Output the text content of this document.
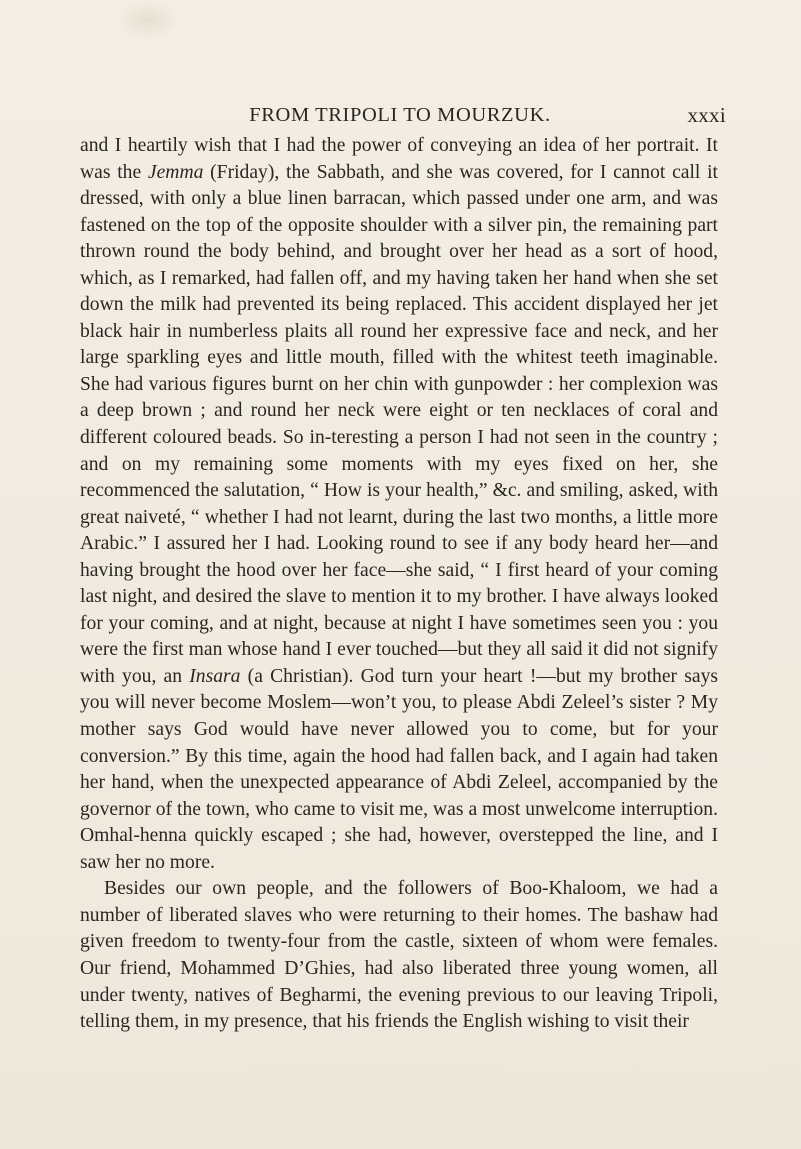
FROM TRIPOLI TO MOURZUK.	xxxi

and I heartily wish that I had the power of conveying an idea of her portrait. It was the Jemma (Friday), the Sabbath, and she was covered, for I cannot call it dressed, with only a blue linen barracan, which passed under one arm, and was fastened on the top of the opposite shoulder with a silver pin, the remaining part thrown round the body behind, and brought over her head as a sort of hood, which, as I remarked, had fallen off, and my having taken her hand when she set down the milk had prevented its being replaced. This accident displayed her jet black hair in numberless plaits all round her expressive face and neck, and her large sparkling eyes and little mouth, filled with the whitest teeth imaginable. She had various figures burnt on her chin with gunpowder : her complexion was a deep brown ; and round her neck were eight or ten necklaces of coral and different coloured beads. So in-teresting a person I had not seen in the country ; and on my remaining some moments with my eyes fixed on her, she recommenced the salutation, “ How is your health,” &c. and smiling, asked, with great naiveté, “ whether I had not learnt, during the last two months, a little more Arabic.” I assured her I had. Looking round to see if any body heard her—and having brought the hood over her face—she said, “ I first heard of your coming last night, and desired the slave to mention it to my brother. I have always looked for your coming, and at night, because at night I have sometimes seen you : you were the first man whose hand I ever touched—but they all said it did not signify with you, an Insara (a Christian). God turn your heart !—but my brother says you will never become Moslem—won’t you, to please Abdi Zeleel’s sister ? My mother says God would have never allowed you to come, but for your conversion.” By this time, again the hood had fallen back, and I again had taken her hand, when the unexpected appearance of Abdi Zeleel, accompanied by the governor of the town, who came to visit me, was a most unwelcome interruption. Omhal-henna quickly escaped ; she had, however, overstepped the line, and I saw her no more.

Besides our own people, and the followers of Boo-Khaloom, we had a number of liberated slaves who were returning to their homes. The bashaw had given freedom to twenty-four from the castle, sixteen of whom were females. Our friend, Mohammed D’Ghies, had also liberated three young women, all under twenty, natives of Begharmi, the evening previous to our leaving Tripoli, telling them, in my presence, that his friends the English wishing to visit their
